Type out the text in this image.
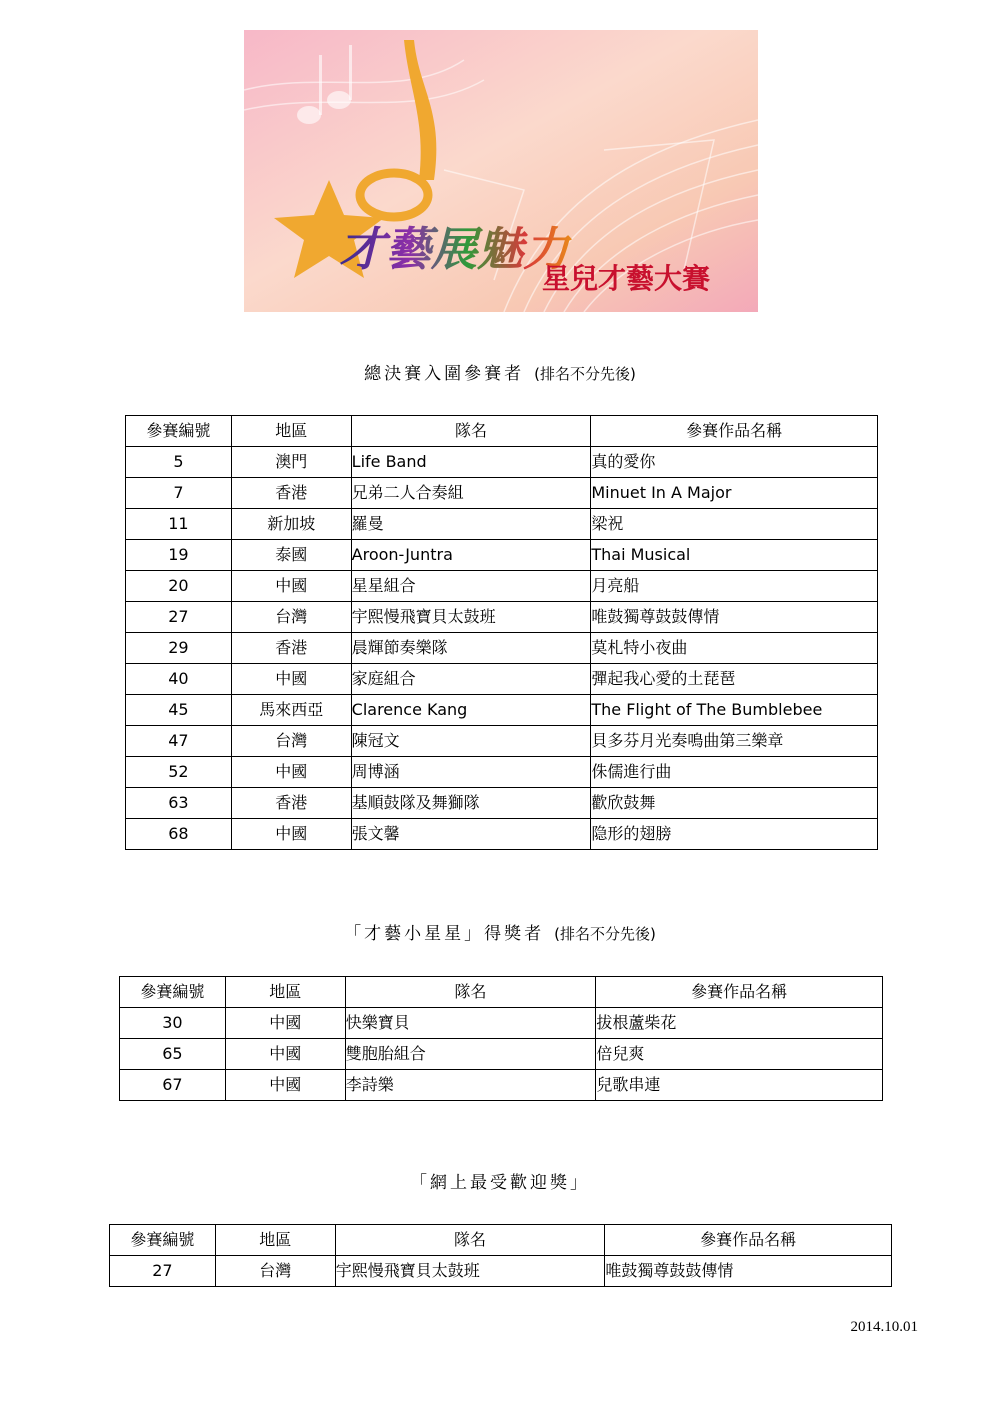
才藝展魅力
星兒才藝大賽
總決賽入圍參賽者 (排名不分先後)
參賽編號	地區	隊名	參賽作品名稱
5	澳門	Life Band	真的愛你
7	香港	兄弟二人合奏組	Minuet In A Major
11	新加坡	羅曼	梁祝
19	泰國	Aroon-Juntra	Thai Musical
20	中國	星星組合	月亮船
27	台灣	宇熙慢飛寶貝太鼓班	唯鼓獨尊鼓鼓傳情
29	香港	晨輝節奏樂隊	莫札特小夜曲
40	中國	家庭組合	彈起我心愛的土琵琶
45	馬來西亞	Clarence Kang	The Flight of The Bumblebee
47	台灣	陳冠文	貝多芬月光奏鳴曲第三樂章
52	中國	周博涵	侏儒進行曲
63	香港	基順鼓隊及舞獅隊	歡欣鼓舞
68	中國	張文馨	隐形的翅膀
「才藝小星星」得獎者 (排名不分先後)
參賽編號	地區	隊名	參賽作品名稱
30	中國	快樂寶貝	拔根蘆柴花
65	中國	雙胞胎組合	倍兒爽
67	中國	李詩樂	兒歌串連
「網上最受歡迎獎」
參賽編號	地區	隊名	參賽作品名稱
27	台灣	宇熙慢飛寶貝太鼓班	唯鼓獨尊鼓鼓傳情
2014.10.01
